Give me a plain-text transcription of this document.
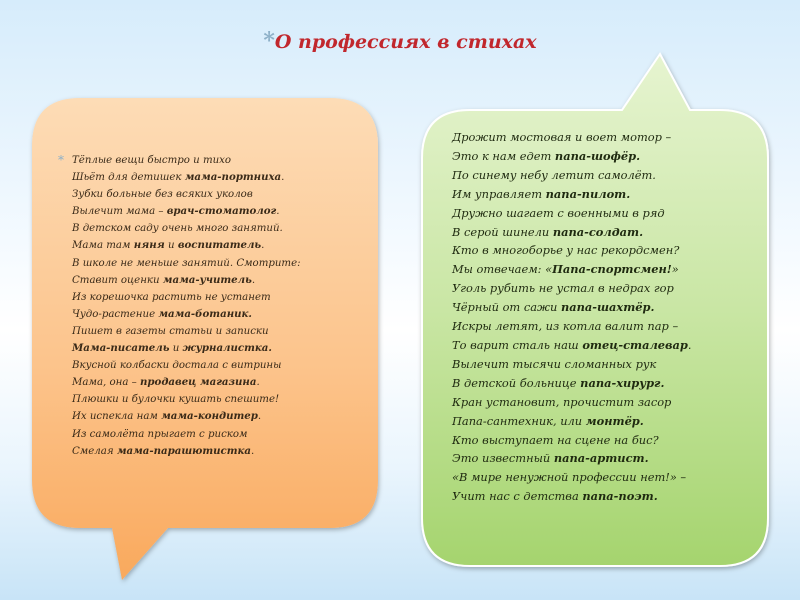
*О профессиях в стихах
* Тёплые вещи быстро и тихо
Шьёт для детишек мама-портниха.
Зубки больные без всяких уколов
Вылечит мама – врач-стоматолог.
В детском саду очень много занятий.
Мама там няня и воспитатель.
В школе не меньше занятий. Смотрите:
Ставит оценки мама-учитель.
Из корешочка растить не устанет
Чудо-растение мама-ботаник.
Пишет в газеты статьи и записки
Мама-писатель и журналистка.
Вкусной колбаски достала с витрины
Мама, она – продавец магазина.
Плюшки и булочки кушать спешите!
Их испекла нам мама-кондитер.
Из самолёта прыгает с риском
Смелая мама-парашютистка.
Дрожит мостовая и воет мотор –
Это к нам едет папа-шофёр.
По синему небу летит самолёт.
Им управляет папа-пилот.
Дружно шагает с военными в ряд
В серой шинели папа-солдат.
Кто в многоборье у нас рекордсмен?
Мы отвечаем: «Папа-спортсмен!»
Уголь рубить не устал в недрах гор
Чёрный от сажи папа-шахтёр.
Искры летят, из котла валит пар –
То варит сталь наш отец-сталевар.
Вылечит тысячи сломанных рук
В детской больнице папа-хирург.
Кран установит, прочистит засор
Папа-сантехник, или монтёр.
Кто выступает на сцене на бис?
Это известный папа-артист.
«В мире ненужной профессии нет!» –
Учит нас с детства папа-поэт.
